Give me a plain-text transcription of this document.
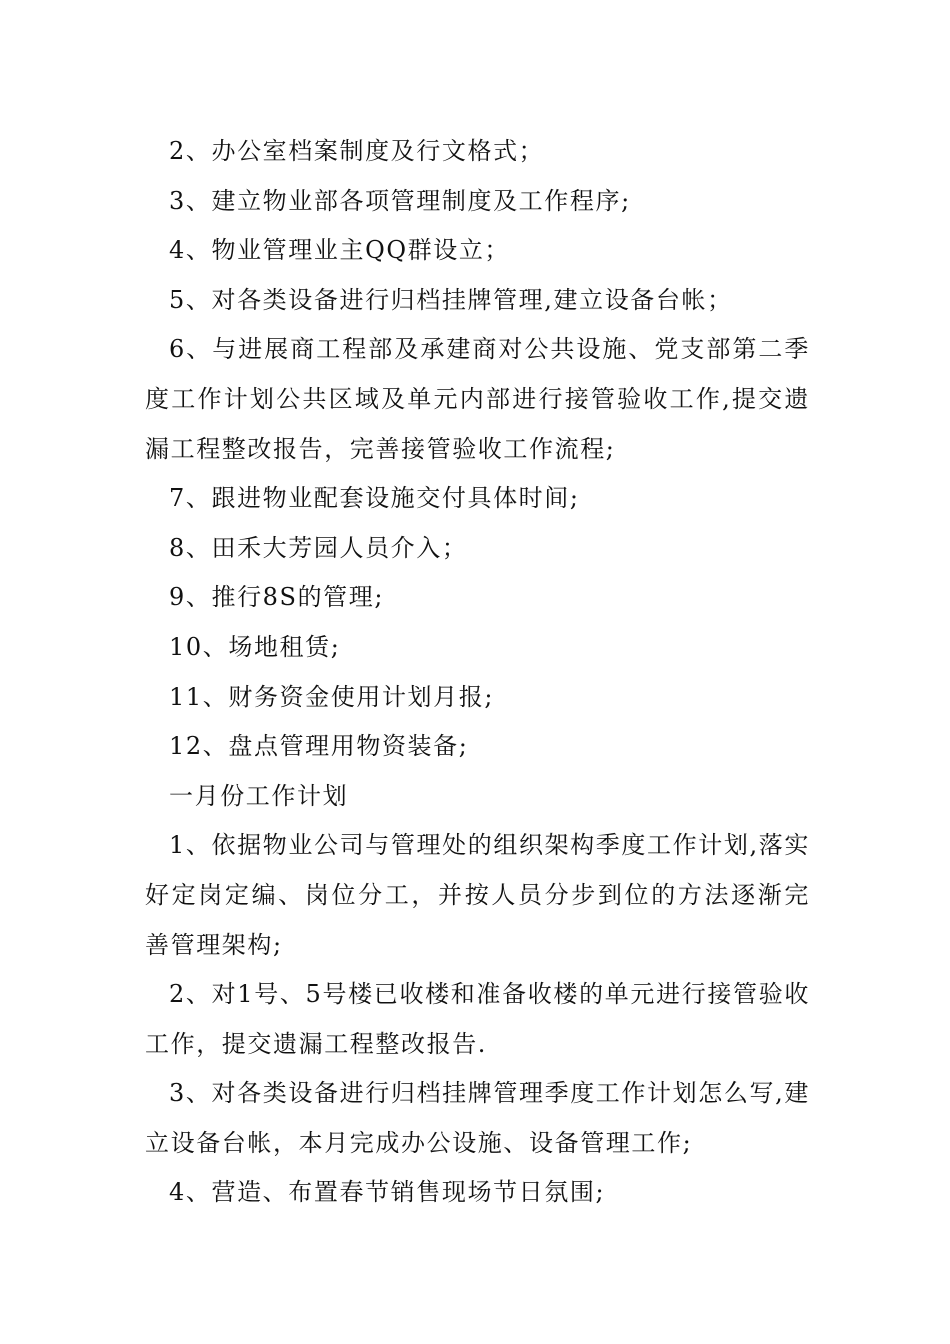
2、办公室档案制度及行文格式；

3、建立物业部各项管理制度及工作程序;

4、物业管理业主QQ群设立；

5、对各类设备进行归档挂牌管理,建立设备台帐；

6、与进展商工程部及承建商对公共设施、党支部第二季度工作计划公共区域及单元内部进行接管验收工作,提交遗漏工程整改报告，完善接管验收工作流程;

7、跟进物业配套设施交付具体时间;

8、田禾大芳园人员介入；

9、推行8S的管理;

10、场地租赁;

11、财务资金使用计划月报;

12、盘点管理用物资装备;

一月份工作计划

1、依据物业公司与管理处的组织架构季度工作计划,落实好定岗定编、岗位分工，并按人员分步到位的方法逐渐完善管理架构;

2、对1号、5号楼已收楼和准备收楼的单元进行接管验收工作，提交遗漏工程整改报告.

3、对各类设备进行归档挂牌管理季度工作计划怎么写,建立设备台帐，本月完成办公设施、设备管理工作;

4、营造、布置春节销售现场节日氛围;
